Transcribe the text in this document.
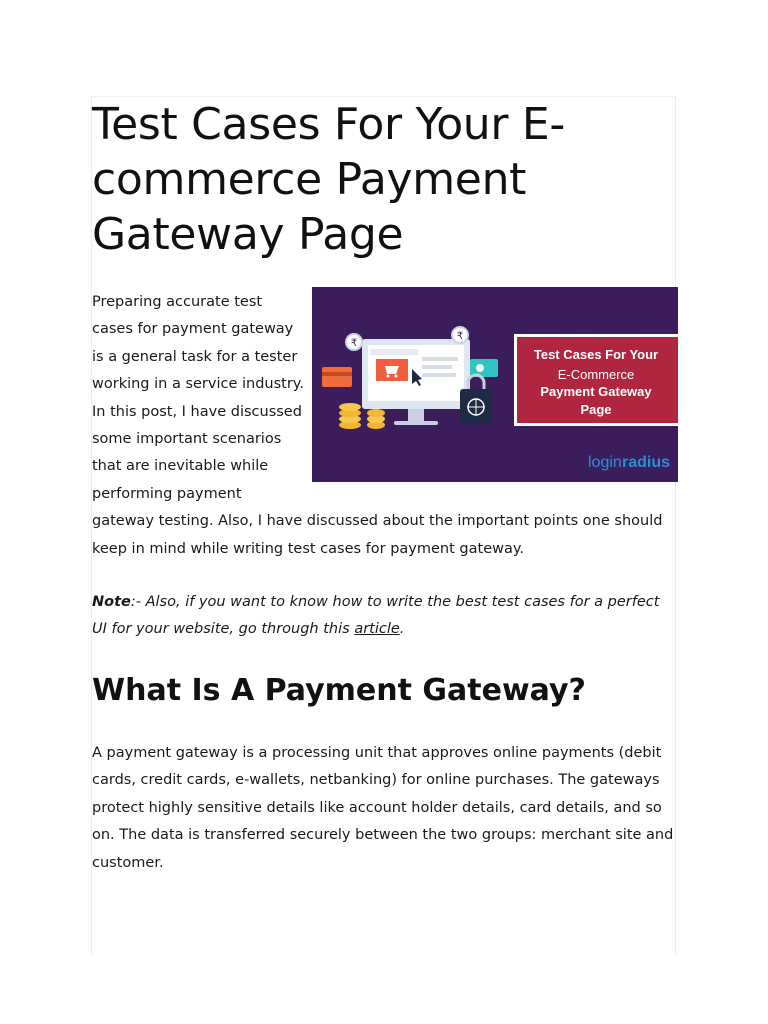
Test Cases For Your E-commerce Payment Gateway Page

Preparing accurate test cases for payment gateway is a general task for a tester working in a service industry. In this post, I have discussed some important scenarios that are inevitable while performing payment gateway testing. Also, I have discussed about the important points one should keep in mind while writing test cases for payment gateway.

₹
₹
Test Cases For Your
E-Commerce
Payment Gateway
Page
login radius
Note:- Also, if you want to know how to write the best test cases for a perfect UI for your website, go through this article.
What Is A Payment Gateway?

A payment gateway is a processing unit that approves online payments (debit cards, credit cards, e-wallets, netbanking) for online purchases. The gateways protect highly sensitive details like account holder details, card details, and so on. The data is transferred securely between the two groups: merchant site and customer.
